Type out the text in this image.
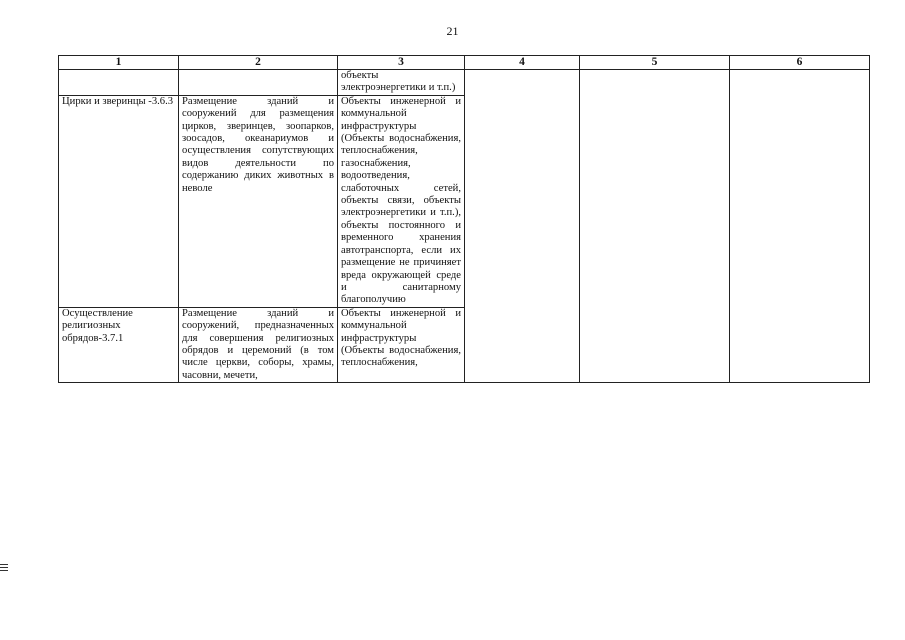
21
1	2	3	4	5	6
		объекты электроэнергетики и т.п.)			
Цирки и зверинцы -3.6.3	Размещение зданий и сооружений для размещения цирков, зверинцев, зоопарков, зоосадов, океанариумов и осуществления сопутствующих видов деятельности по содержанию диких животных в неволе	Объекты инженерной и коммунальной инфраструктуры (Объекты водоснабжения, теплоснабжения, газоснабжения, водоотведения, слаботочных сетей, объекты связи, объекты электроэнергетики и т.п.), объекты постоянного и временного хранения автотранспорта, если их размещение не причиняет вреда окружающей среде и санитарному благополучию			
Осуществление религиозных обрядов-3.7.1	Размещение зданий и сооружений, предназначенных для совершения религиозных обрядов и церемоний (в том числе церкви, соборы, храмы, часовни, мечети,	Объекты инженерной и коммунальной инфраструктуры (Объекты водоснабжения, теплоснабжения,			
